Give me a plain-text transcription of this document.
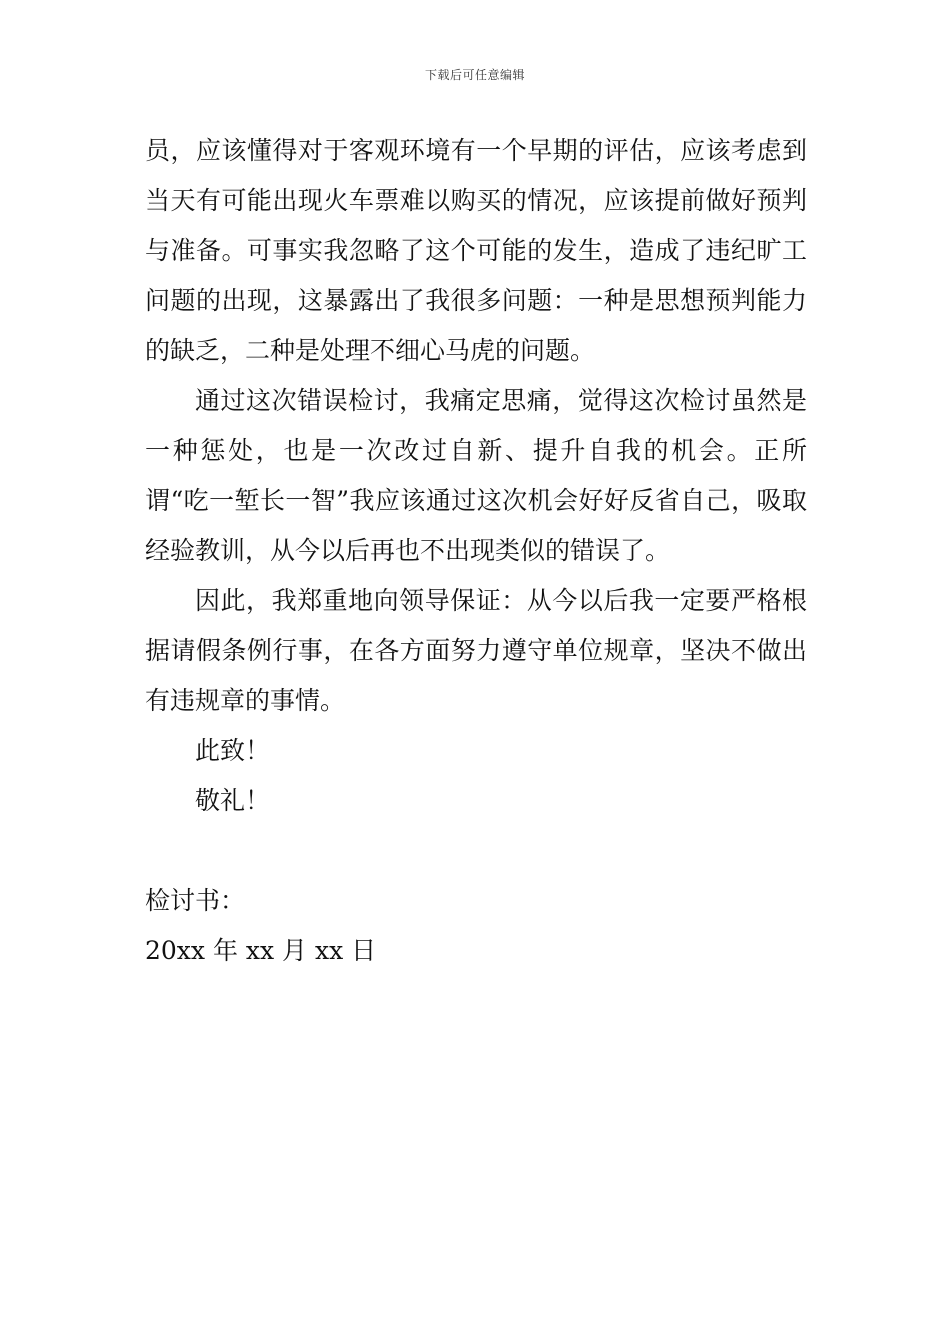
下载后可任意编辑

员，应该懂得对于客观环境有一个早期的评估，应该考虑到当天有可能出现火车票难以购买的情况，应该提前做好预判与准备。可事实我忽略了这个可能的发生，造成了违纪旷工问题的出现，这暴露出了我很多问题：一种是思想预判能力的缺乏，二种是处理不细心马虎的问题。

通过这次错误检讨，我痛定思痛，觉得这次检讨虽然是一种惩处，也是一次改过自新、提升自我的机会。正所谓“吃一堑长一智”我应该通过这次机会好好反省自己，吸取经验教训，从今以后再也不出现类似的错误了。

因此，我郑重地向领导保证：从今以后我一定要严格根据请假条例行事，在各方面努力遵守单位规章，坚决不做出有违规章的事情。

此致！

敬礼！

检讨书：

20xx 年 xx 月 xx 日
